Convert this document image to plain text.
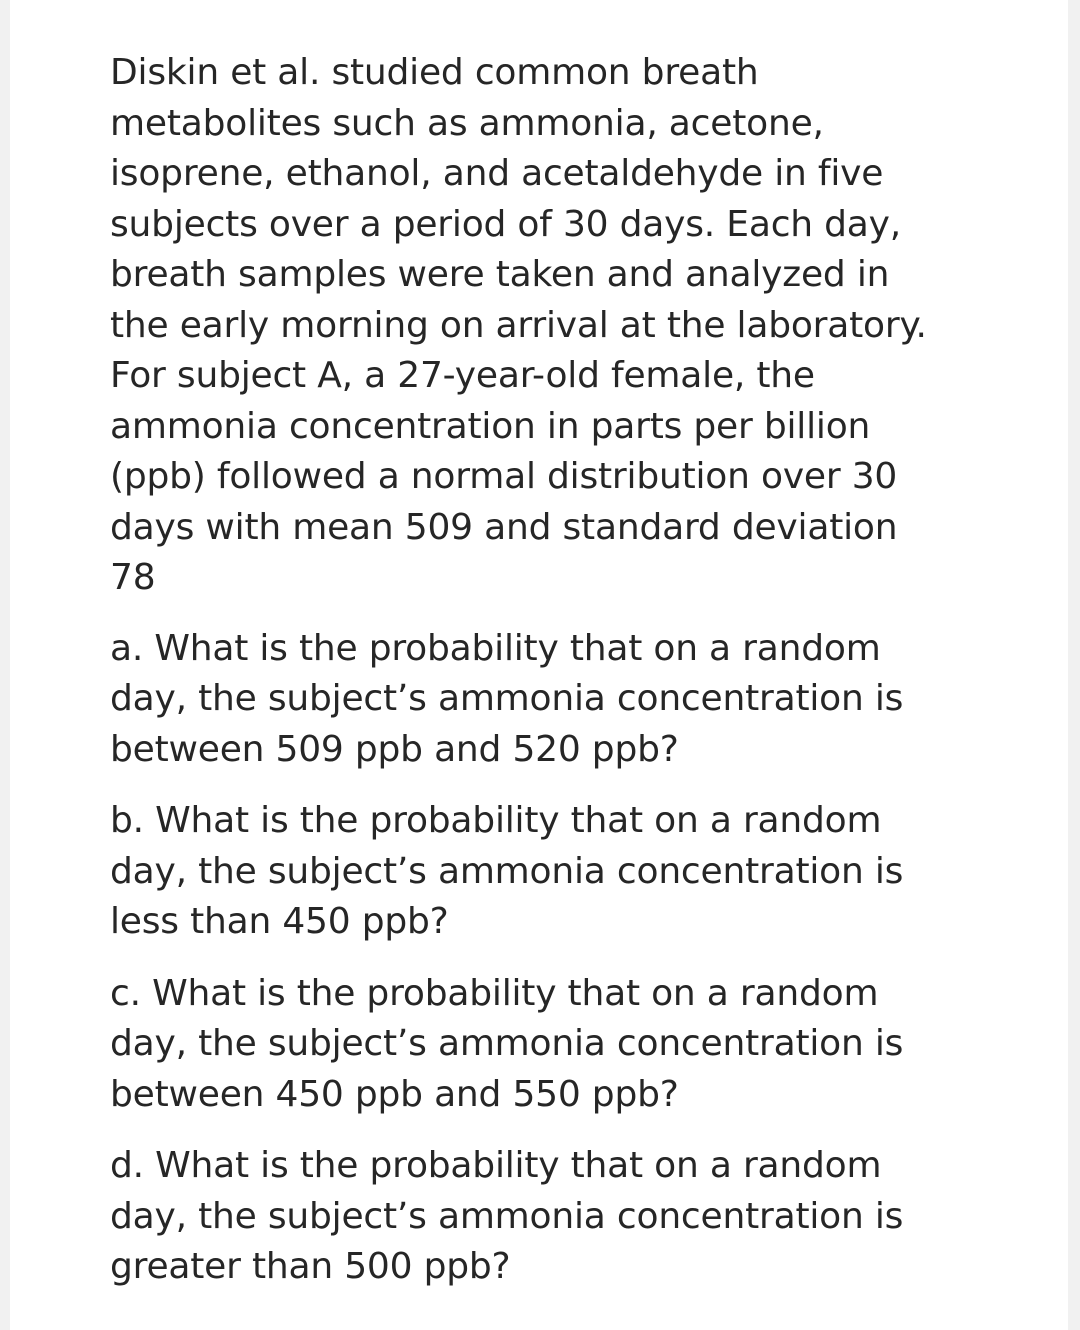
Diskin et al. studied common breath
metabolites such as ammonia, acetone,
isoprene, ethanol, and acetaldehyde in five
subjects over a period of 30 days. Each day,
breath samples were taken and analyzed in
the early morning on arrival at the laboratory.
For subject A, a 27-year-old female, the
ammonia concentration in parts per billion
(ppb) followed a normal distribution over 30
days with mean 509 and standard deviation
78

a. What is the probability that on a random
day, the subject’s ammonia concentration is
between 509 ppb and 520 ppb?

b. What is the probability that on a random
day, the subject’s ammonia concentration is
less than 450 ppb?

c. What is the probability that on a random
day, the subject’s ammonia concentration is
between 450 ppb and 550 ppb?

d. What is the probability that on a random
day, the subject’s ammonia concentration is
greater than 500 ppb?
